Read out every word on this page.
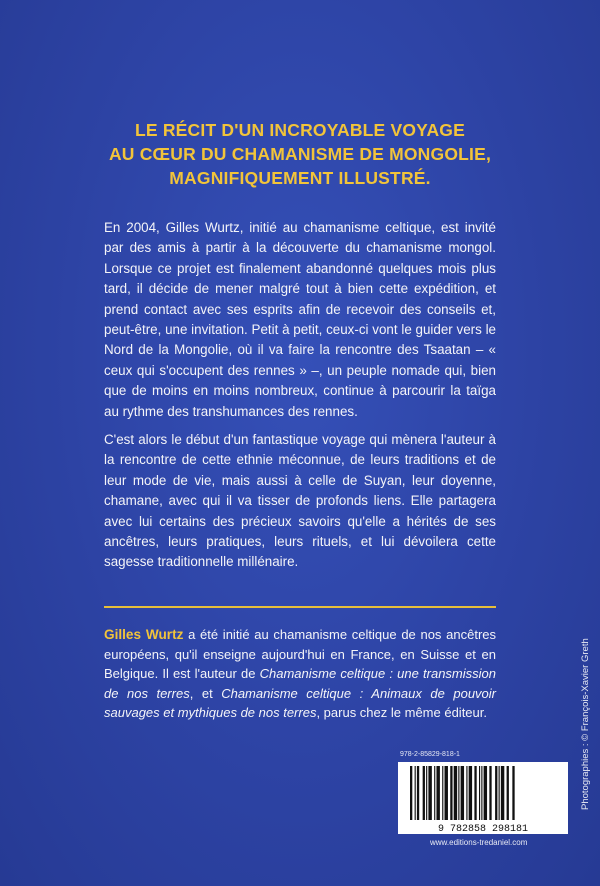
LE RÉCIT D'UN INCROYABLE VOYAGE
AU CŒUR DU CHAMANISME DE MONGOLIE,
MAGNIFIQUEMENT ILLUSTRÉ.

En 2004, Gilles Wurtz, initié au chamanisme celtique, est invité par des amis à partir à la découverte du chamanisme mongol. Lorsque ce projet est finalement abandonné quelques mois plus tard, il décide de mener malgré tout à bien cette expédition, et prend contact avec ses esprits afin de recevoir des conseils et, peut-être, une invitation. Petit à petit, ceux-ci vont le guider vers le Nord de la Mongolie, où il va faire la rencontre des Tsaatan – « ceux qui s'occupent des rennes » –, un peuple nomade qui, bien que de moins en moins nombreux, continue à parcourir la taïga au rythme des transhumances des rennes.

C'est alors le début d'un fantastique voyage qui mènera l'auteur à la rencontre de cette ethnie méconnue, de leurs traditions et de leur mode de vie, mais aussi à celle de Suyan, leur doyenne, chamane, avec qui il va tisser de profonds liens. Elle partagera avec lui certains des précieux savoirs qu'elle a hérités de ses ancêtres, leurs pratiques, leurs rituels, et lui dévoilera cette sagesse traditionnelle millénaire.

Gilles Wurtz a été initié au chamanisme celtique de nos ancêtres européens, qu'il enseigne aujourd'hui en France, en Suisse et en Belgique. Il est l'auteur de Chamanisme celtique : une transmission de nos terres, et Chamanisme celtique : Animaux de pouvoir sauvages et mythiques de nos terres, parus chez le même éditeur.

978-2-85829-818-1
9 782858 298181
www.editions-tredaniel.com
Photographies : © François-Xavier Greth
